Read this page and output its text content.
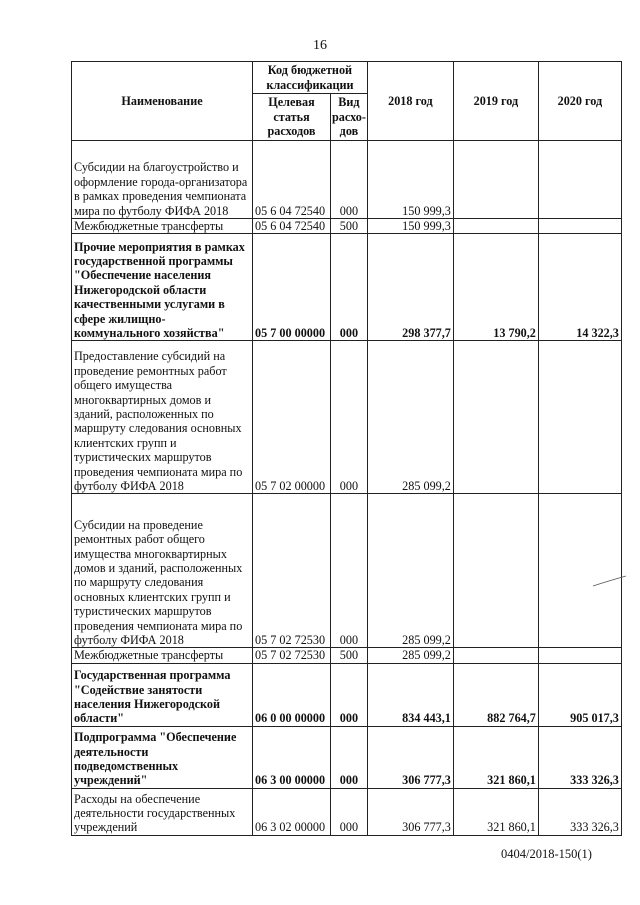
16
Наименование	Код бюджетной классификации		2018 год	2019 год	2020 год
	Целевая статья расходов	Вид расхо-дов			
Субсидии на благоустройство и оформление города-организатора в рамках проведения чемпионата мира по футболу ФИФА 2018	05 6 04 72540	000	150 999,3		
Межбюджетные трансферты	05 6 04 72540	500	150 999,3		
Прочие мероприятия в рамках государственной программы "Обеспечение населения Нижегородской области качественными услугами в сфере жилищно-коммунального хозяйства"	05 7 00 00000	000	298 377,7	13 790,2	14 322,3
Предоставление субсидий на проведение ремонтных работ общего имущества многоквартирных домов и зданий, расположенных по маршруту следования основных клиентских групп и туристических маршрутов проведения чемпионата мира по футболу ФИФА 2018	05 7 02 00000	000	285 099,2		
Субсидии на проведение ремонтных работ общего имущества многоквартирных домов и зданий, расположенных по маршруту следования основных клиентских групп и туристических маршрутов проведения чемпионата мира по футболу ФИФА 2018	05 7 02 72530	000	285 099,2		
Межбюджетные трансферты	05 7 02 72530	500	285 099,2		
Государственная программа "Содействие занятости населения Нижегородской области"	06 0 00 00000	000	834 443,1	882 764,7	905 017,3
Подпрограмма "Обеспечение деятельности подведомственных учреждений"	06 3 00 00000	000	306 777,3	321 860,1	333 326,3
Расходы на обеспечение деятельности государственных учреждений	06 3 02 00000	000	306 777,3	321 860,1	333 326,3
0404/2018-150(1)
